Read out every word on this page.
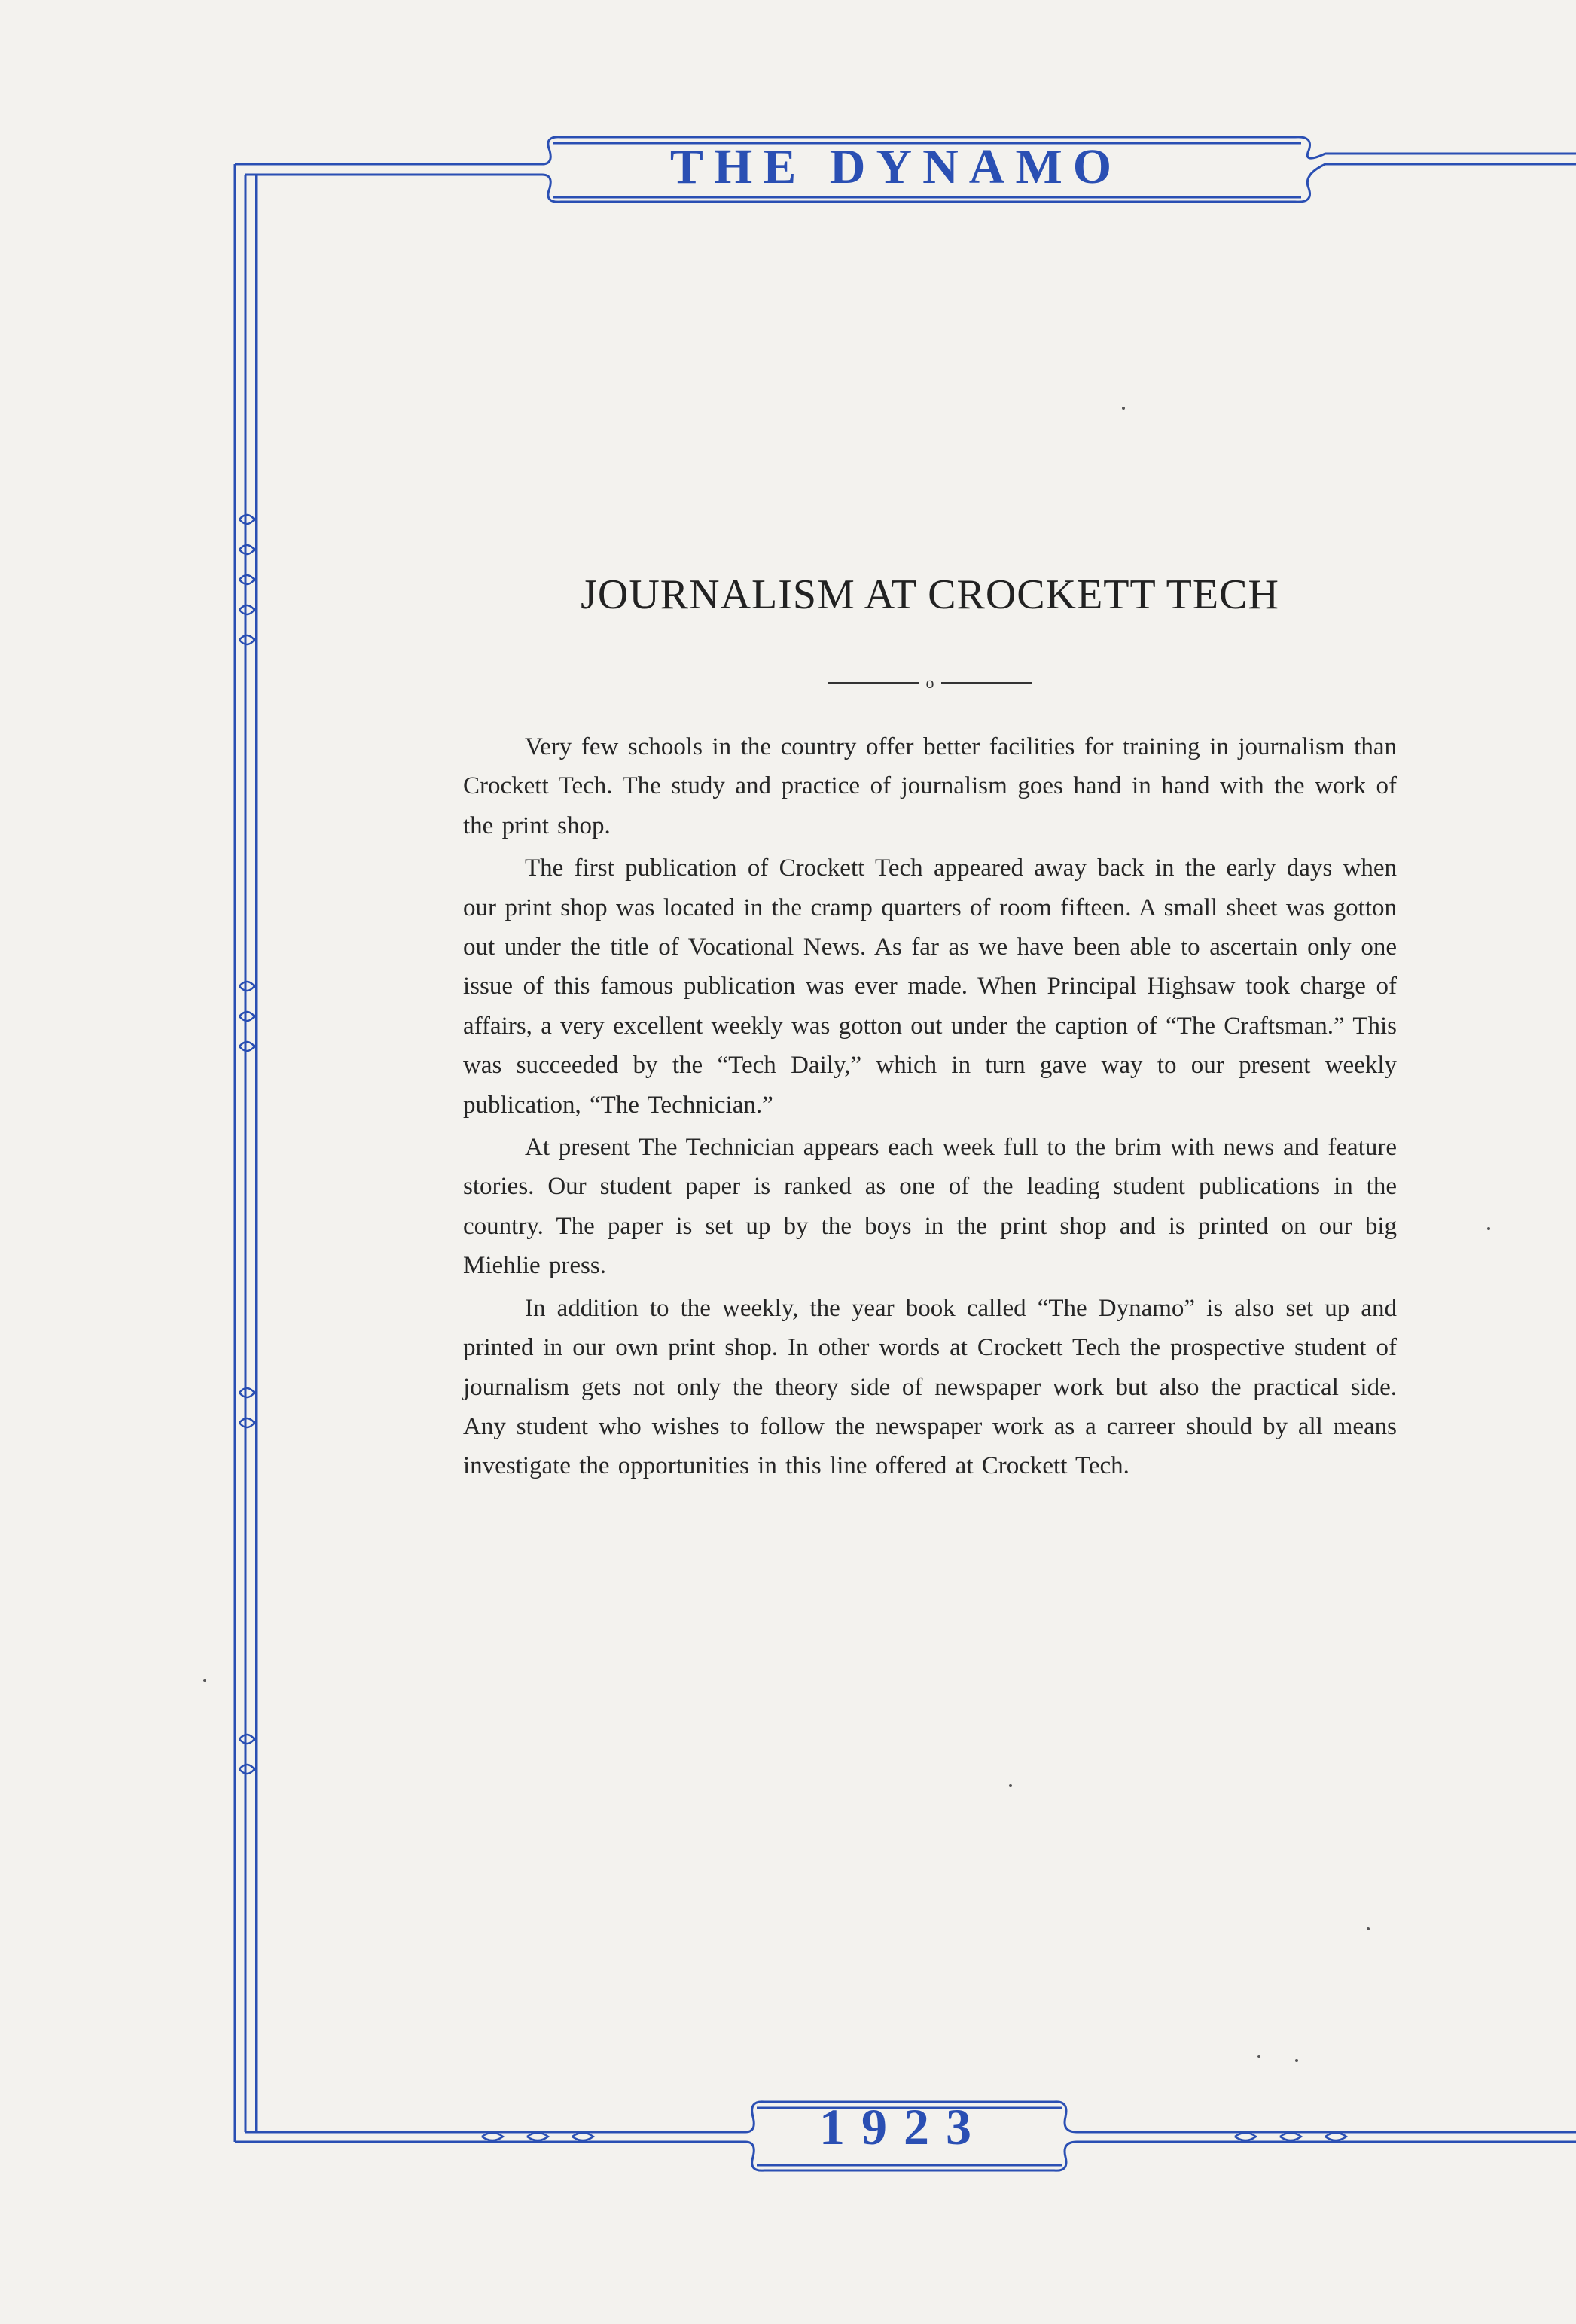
THE DYNAMO
JOURNALISM AT CROCKETT TECH
o

Very few schools in the country offer better facilities for training in journalism than Crockett Tech. The study and practice of journalism goes hand in hand with the work of the print shop.

The first publication of Crockett Tech appeared away back in the early days when our print shop was located in the cramp quarters of room fifteen. A small sheet was gotton out under the title of Vocational News. As far as we have been able to ascertain only one issue of this famous publication was ever made. When Principal Highsaw took charge of affairs, a very excellent weekly was gotton out under the caption of “The Craftsman.” This was succeeded by the “Tech Daily,” which in turn gave way to our present weekly publication, “The Technician.”

At present The Technician appears each week full to the brim with news and feature stories. Our student paper is ranked as one of the leading student publications in the country. The paper is set up by the boys in the print shop and is printed on our big Miehlie press.

In addition to the weekly, the year book called “The Dynamo” is also set up and printed in our own print shop. In other words at Crockett Tech the prospective student of journalism gets not only the theory side of newspaper work but also the practical side. Any student who wishes to follow the newspaper work as a carreer should by all means investigate the opportunities in this line offered at Crockett Tech.

1923
